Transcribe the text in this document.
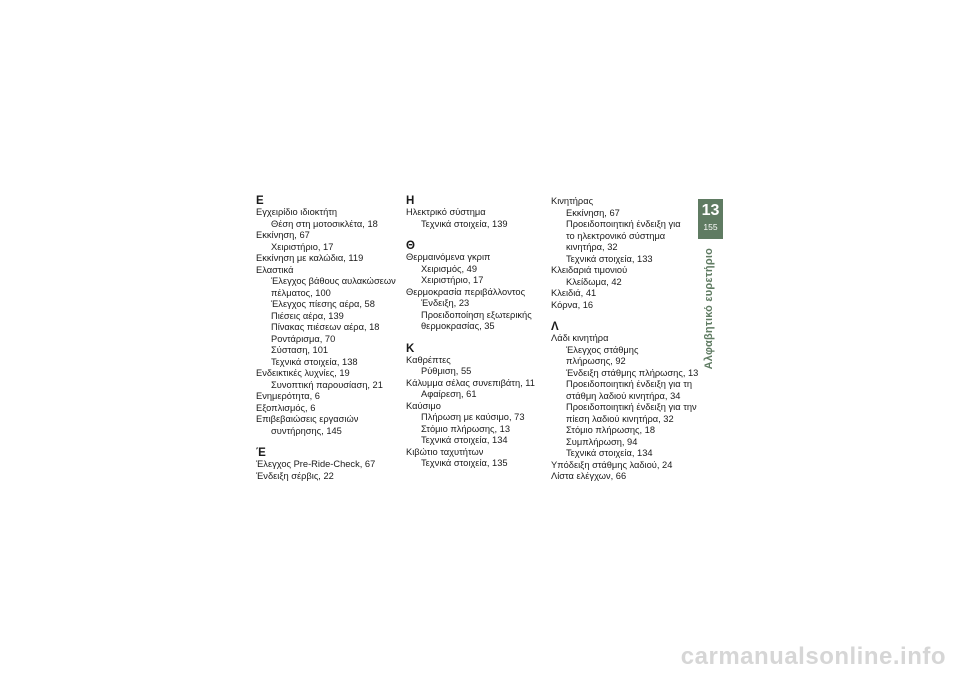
Ε
Εγχειρίδιο ιδιοκτήτη
Θέση στη μοτοσικλέτα, 18
Εκκίνηση, 67
Χειριστήριο, 17
Εκκίνηση με καλώδια, 119
Ελαστικά
Έλεγχος βάθους αυλακώσεων
πέλματος, 100
Έλεγχος πίεσης αέρα, 58
Πιέσεις αέρα, 139
Πίνακας πιέσεων αέρα, 18
Ροντάρισμα, 70
Σύσταση, 101
Τεχνικά στοιχεία, 138
Ενδεικτικές λυχνίες, 19
Συνοπτική παρουσίαση, 21
Ενημερότητα, 6
Εξοπλισμός, 6
Επιβεβαιώσεις εργασιών
συντήρησης, 145
Έ
Έλεγχος Pre-Ride-Check, 67
Ένδειξη σέρβις, 22
Η
Ηλεκτρικό σύστημα
Τεχνικά στοιχεία, 139
Θ
Θερμαινόμενα γκριπ
Χειρισμός, 49
Χειριστήριο, 17
Θερμοκρασία περιβάλλοντος
Ένδειξη, 23
Προειδοποίηση εξωτερικής
θερμοκρασίας, 35
Κ
Καθρέπτες
Ρύθμιση, 55
Κάλυμμα σέλας συνεπιβάτη, 11
Αφαίρεση, 61
Καύσιμο
Πλήρωση με καύσιμο, 73
Στόμιο πλήρωσης, 13
Τεχνικά στοιχεία, 134
Κιβώτιο ταχυτήτων
Τεχνικά στοιχεία, 135
Κινητήρας
Εκκίνηση, 67
Προειδοποιητική ένδειξη για
το ηλεκτρονικό σύστημα
κινητήρα, 32
Τεχνικά στοιχεία, 133
Κλειδαριά τιμονιού
Κλείδωμα, 42
Κλειδιά, 41
Κόρνα, 16
Λ
Λάδι κινητήρα
Έλεγχος στάθμης
πλήρωσης, 92
Ένδειξη στάθμης πλήρωσης, 13
Προειδοποιητική ένδειξη για τη
στάθμη λαδιού κινητήρα, 34
Προειδοποιητική ένδειξη για την
πίεση λαδιού κινητήρα, 32
Στόμιο πλήρωσης, 18
Συμπλήρωση, 94
Τεχνικά στοιχεία, 134
Υπόδειξη στάθμης λαδιού, 24
Λίστα ελέγχων, 66
13
155
Αλφαβητικό ευρετήριο
carmanualsonline.info
